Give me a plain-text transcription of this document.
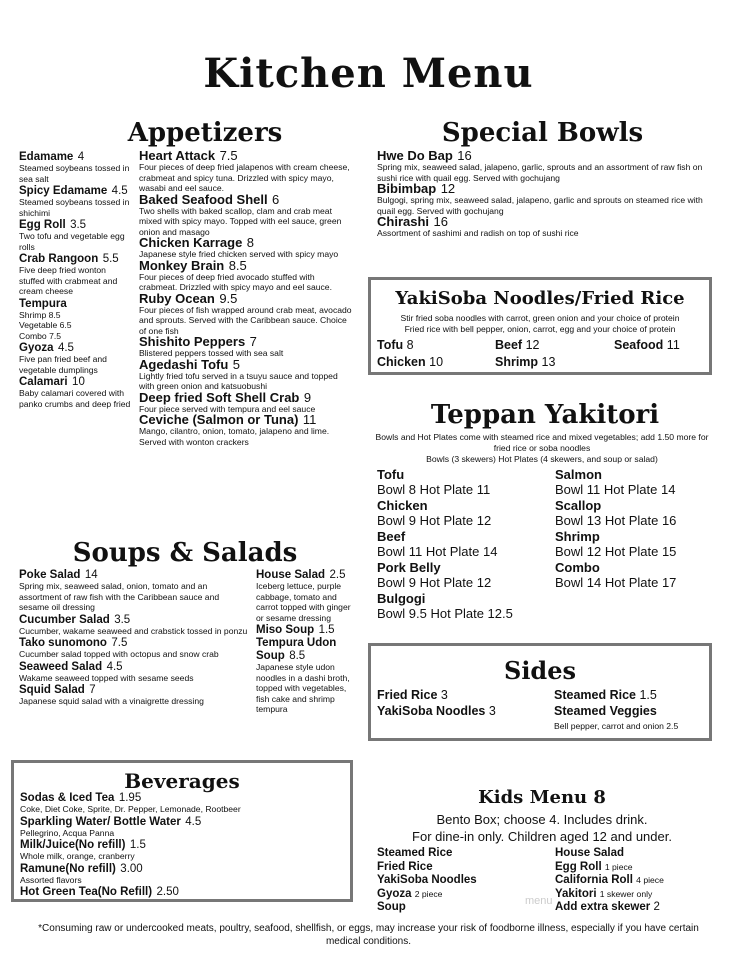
Kitchen Menu
Appetizers
Edamame 4
Steamed soybeans tossed in sea salt
Spicy Edamame 4.5
Steamed soybeans tossed in shichimi
Egg Roll 3.5
Two tofu and vegetable egg rolls
Crab Rangoon 5.5
Five deep fried wonton stuffed with crabmeat and cream cheese
Tempura
Shrimp 8.5
Vegetable 6.5
Combo 7.5
Gyoza 4.5
Five pan fried beef and vegetable dumplings
Calamari 10
Baby calamari covered with panko crumbs and deep fried
Heart Attack 7.5
Four pieces of deep fried jalapenos with cream cheese, crabmeat and spicy tuna. Drizzled with spicy mayo, wasabi and eel sauce.
Baked Seafood Shell 6
Two shells with baked scallop, clam and crab meat mixed with spicy mayo. Topped with eel sauce, green onion and masago
Chicken Karrage 8
Japanese style fried chicken served with spicy mayo
Monkey Brain 8.5
Four pieces of deep fried avocado stuffed with crabmeat. Drizzled with spicy mayo and eel sauce.
Ruby Ocean 9.5
Four pieces of fish wrapped around crab meat, avocado and sprouts. Served with the Caribbean sauce. Choice of one fish
Shishito Peppers 7
Blistered peppers tossed with sea salt
Agedashi Tofu 5
Lightly fried tofu served in a tsuyu sauce and topped with green onion and katsuobushi
Deep fried Soft Shell Crab 9
Four piece served with tempura and eel sauce
Ceviche (Salmon or Tuna) 11
Mango, cilantro, onion, tomato, jalapeno and lime. Served with wonton crackers
Special Bowls
Hwe Do Bap 16
Spring mix, seaweed salad, jalapeno, garlic, sprouts and an assortment of raw fish on sushi rice with quail egg. Served with gochujang
Bibimbap 12
Bulgogi, spring mix, seaweed salad, jalapeno, garlic and sprouts on steamed rice with quail egg. Served with gochujang
Chirashi 16
Assortment of sashimi and radish on top of sushi rice
YakiSoba Noodles/Fried Rice
Stir fried soba noodles with carrot, green onion and your choice of protein
Fried rice with bell pepper, onion, carrot, egg and your choice of protein
Tofu 8	Beef 12	Seafood 11
Chicken 10	Shrimp 13
Teppan Yakitori
Bowls and Hot Plates come with steamed rice and mixed vegetables; add 1.50 more for fried rice or soba noodles
Bowls (3 skewers) Hot Plates (4 skewers, and soup or salad)
Tofu
Bowl 8 Hot Plate 11
Chicken
Bowl 9 Hot Plate 12
Beef
Bowl 11 Hot Plate 14
Pork Belly
Bowl 9 Hot Plate 12
Bulgogi
Bowl 9.5 Hot Plate 12.5
Salmon
Bowl 11 Hot Plate 14
Scallop
Bowl 13 Hot Plate 16
Shrimp
Bowl 12 Hot Plate 15
Combo
Bowl 14 Hot Plate 17
Soups & Salads
Poke Salad 14
Spring mix, seaweed salad, onion, tomato and an assortment of raw fish with the Caribbean sauce and sesame oil dressing
Cucumber Salad 3.5
Cucumber, wakame seaweed and crabstick tossed in ponzu
Tako sunomono 7.5
Cucumber salad topped with octopus and snow crab
Seaweed Salad 4.5
Wakame seaweed topped with sesame seeds
Squid Salad 7
Japanese squid salad with a vinaigrette dressing
House Salad 2.5
Iceberg lettuce, purple cabbage, tomato and carrot topped with ginger or sesame dressing
Miso Soup 1.5
Tempura Udon Soup 8.5
Japanese style udon noodles in a dashi broth, topped with vegetables, fish cake and shrimp tempura
Sides
Fried Rice 3	Steamed Rice 1.5
YakiSoba Noodles 3	Steamed Veggies
Bell pepper, carrot and onion 2.5
Beverages
Sodas & Iced Tea 1.95
Coke, Diet Coke, Sprite, Dr. Pepper, Lemonade, Rootbeer
Sparkling Water/ Bottle Water 4.5
Pellegrino, Acqua Panna
Milk/Juice(No refill) 1.5
Whole milk, orange, cranberry
Ramune(No refill) 3.00
Assorted flavors
Hot Green Tea(No Refill) 2.50
Kids Menu 8
Bento Box; choose 4. Includes drink.
For dine-in only. Children aged 12 and under.
Steamed Rice
Fried Rice
YakiSoba Noodles
Gyoza 2 piece
Soup
House Salad
Egg Roll 1 piece
California Roll 4 piece
Yakitori 1 skewer only
Add extra skewer 2
menu
*Consuming raw or undercooked meats, poultry, seafood, shellfish, or eggs, may increase your risk of foodborne illness, especially if you have certain medical conditions.
